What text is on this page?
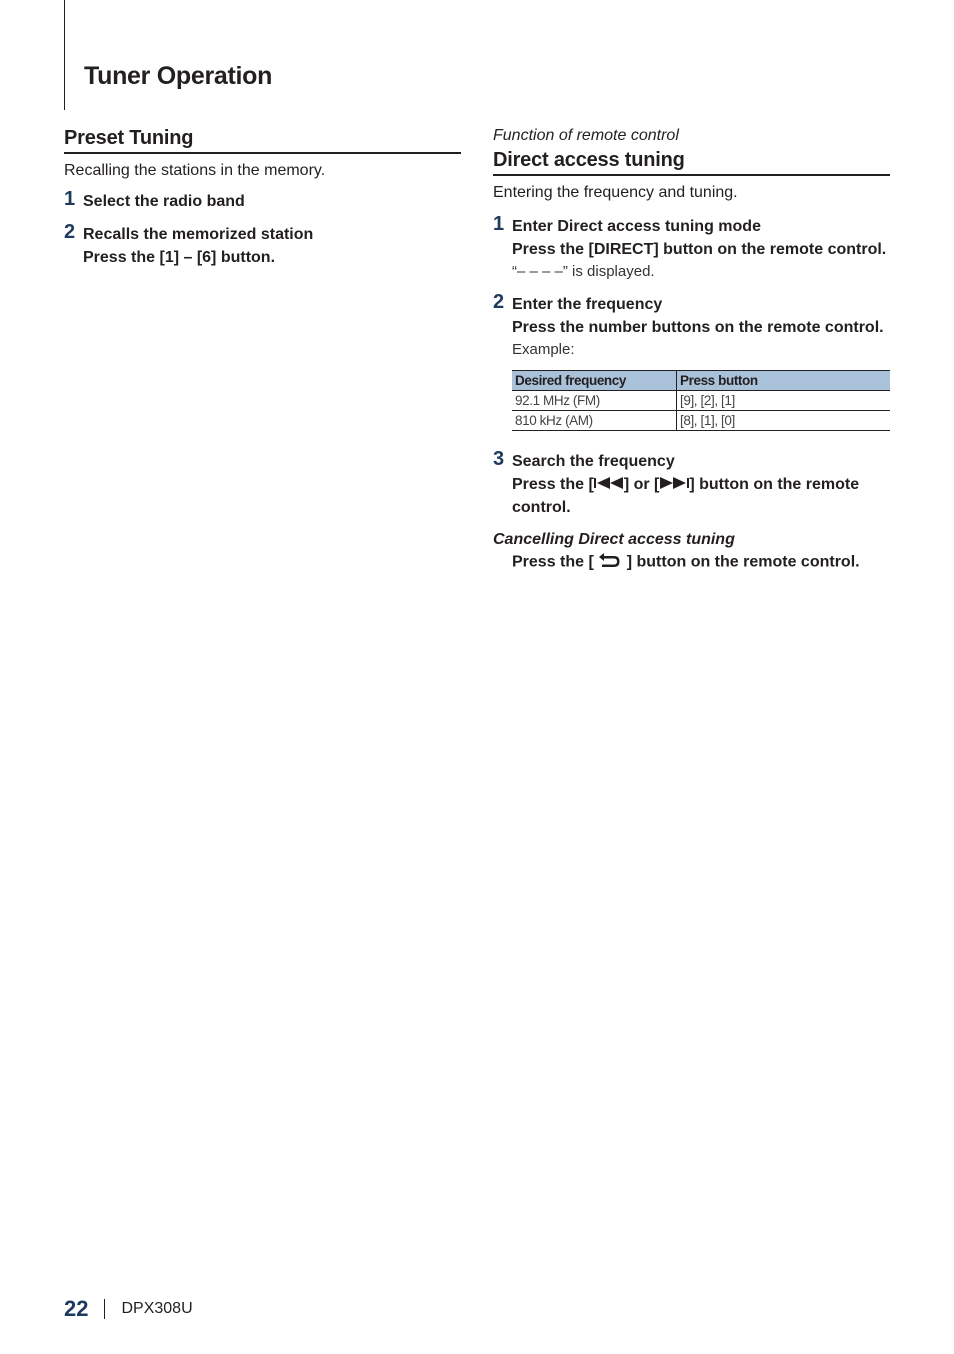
Tuner Operation
Preset Tuning

Recalling the stations in the memory.

1 Select the radio band
2 Recalls the memorized station
Press the [1] – [6] button.

Function of remote control

Direct access tuning

Entering the frequency and tuning.

1 Enter Direct access tuning mode
Press the [DIRECT] button on the remote control.
“– – – –” is displayed.
2 Enter the frequency
Press the number buttons on the remote control.
Example:
Desired frequency	Press button
92.1 MHz (FM)	[9], [2], [1]
810 kHz (AM)	[8], [1], [0]
3 Search the frequency
Press the [ ] or [ ] button on the remote control.
Cancelling Direct access tuning
Press the [ ] button on the remote control.
22 DPX308U
